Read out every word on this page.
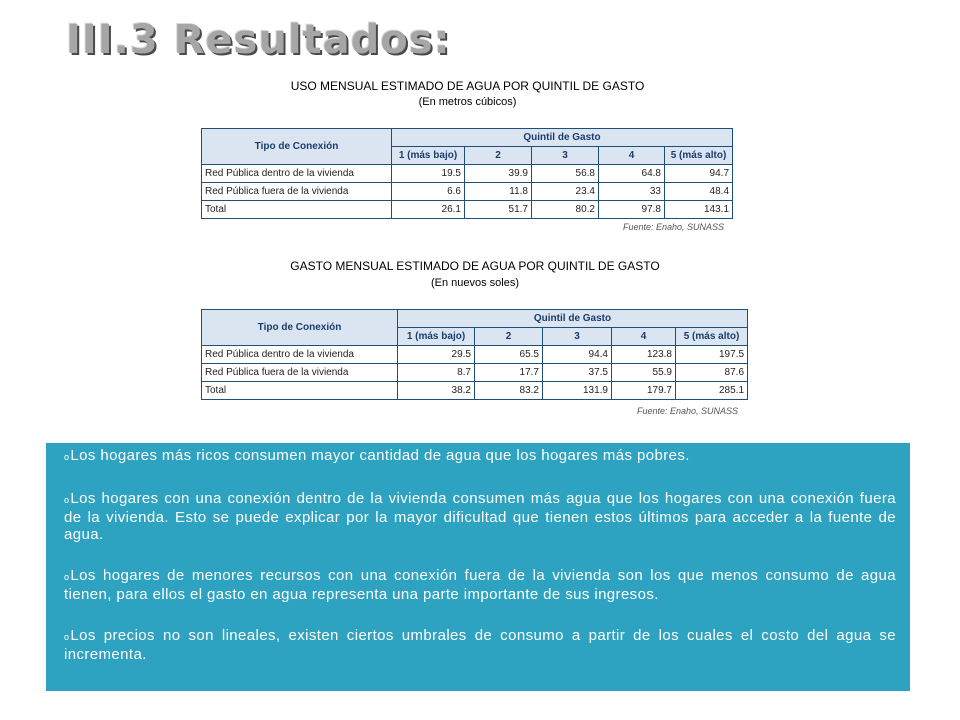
III.3 Resultados:
USO MENSUAL ESTIMADO DE AGUA POR QUINTIL DE GASTO
(En metros cúbicos)
Tipo de Conexión	Quintil de Gasto				
	1 (más bajo)	2	3	4	5 (más alto)
Red Pública dentro de la vivienda	19.5	39.9	56.8	64.8	94.7
Red Pública fuera de la vivienda	6.6	11.8	23.4	33	48.4
Total	26.1	51.7	80.2	97.8	143.1
Fuente: Enaho, SUNASS
GASTO MENSUAL ESTIMADO DE AGUA POR QUINTIL DE GASTO
(En nuevos soles)
Tipo de Conexión	Quintil de Gasto				
	1 (más bajo)	2	3	4	5 (más alto)
Red Pública dentro de la vivienda	29.5	65.5	94.4	123.8	197.5
Red Pública fuera de la vivienda	8.7	17.7	37.5	55.9	87.6
Total	38.2	83.2	131.9	179.7	285.1
Fuente: Enaho, SUNASS

oLos hogares más ricos consumen mayor cantidad de agua que los hogares más pobres.

oLos hogares con una conexión dentro de la vivienda consumen más agua que los hogares con una conexión fuera de la vivienda. Esto se puede explicar por la mayor dificultad que tienen estos últimos para acceder a la fuente de agua.

oLos hogares de menores recursos con una conexión fuera de la vivienda son los que menos consumo de agua tienen, para ellos el gasto en agua representa una parte importante de sus ingresos.

oLos precios no son lineales, existen ciertos umbrales de consumo a partir de los cuales el costo del agua se incrementa.
